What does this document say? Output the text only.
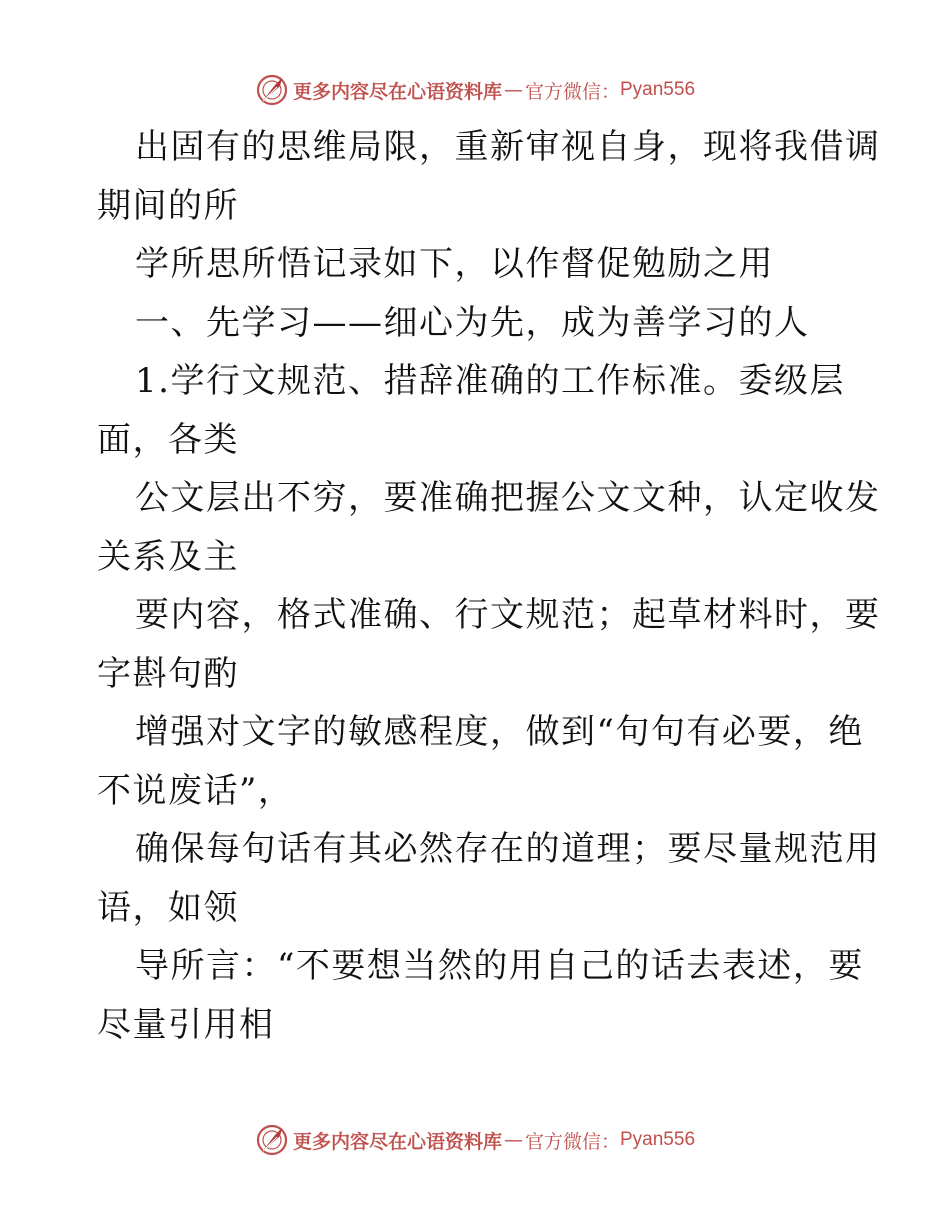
更多内容尽在心语资料库 — 官方微信： Pyan556
出固有的思维局限，重新审视自身，现将我借调
期间的所
学所思所悟记录如下，以作督促勉励之用
一、先学习——细心为先，成为善学习的人
1.学行文规范、措辞准确的工作标准。委级层
面，各类
公文层出不穷，要准确把握公文文种，认定收发
关系及主
要内容，格式准确、行文规范；起草材料时，要
字斟句酌
增强对文字的敏感程度，做到“句句有必要，绝
不说废话”，
确保每句话有其必然存在的道理；要尽量规范用
语，如领
导所言：“不要想当然的用自己的话去表述，要
尽量引用相
更多内容尽在心语资料库 — 官方微信： Pyan556
